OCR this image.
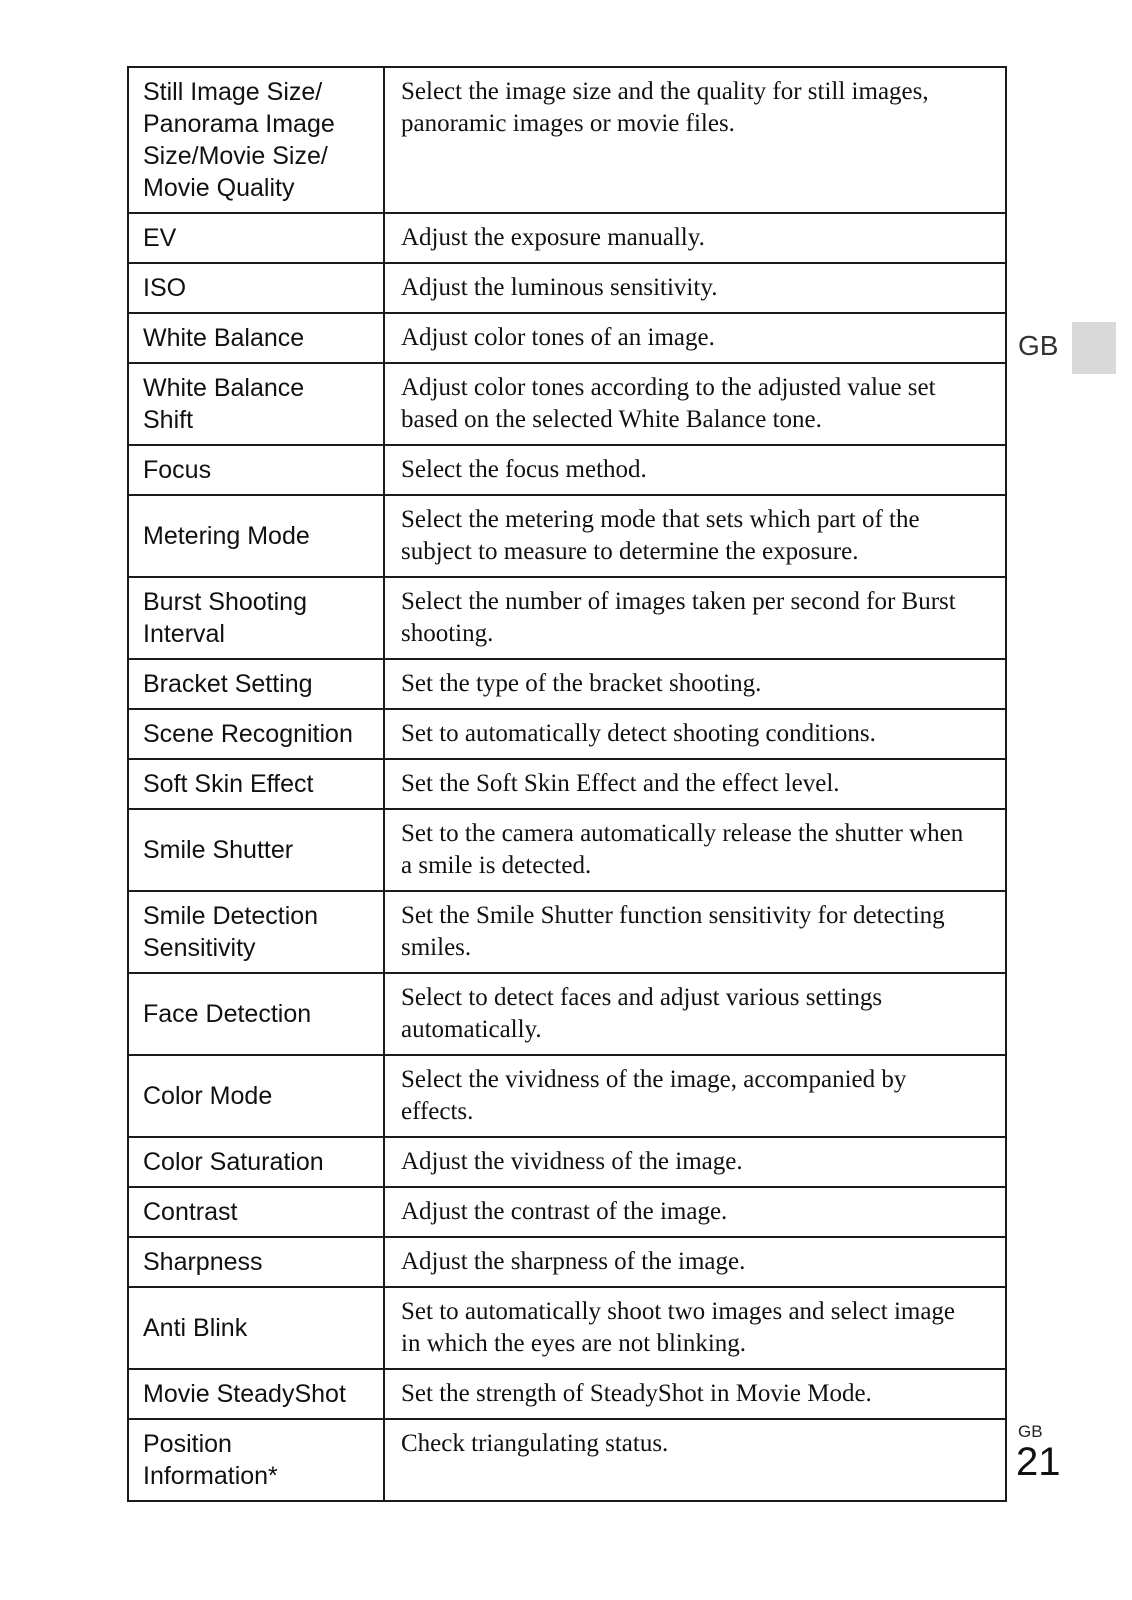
Still Image Size/
Panorama Image
Size/Movie Size/
Movie Quality	Select the image size and the quality for still images,
panoramic images or movie files.
EV	Adjust the exposure manually.
ISO	Adjust the luminous sensitivity.
White Balance	Adjust color tones of an image.
White Balance
Shift	Adjust color tones according to the adjusted value set
based on the selected White Balance tone.
Focus	Select the focus method.
Metering Mode	Select the metering mode that sets which part of the
subject to measure to determine the exposure.
Burst Shooting
Interval	Select the number of images taken per second for Burst
shooting.
Bracket Setting	Set the type of the bracket shooting.
Scene Recognition	Set to automatically detect shooting conditions.
Soft Skin Effect	Set the Soft Skin Effect and the effect level.
Smile Shutter	Set to the camera automatically release the shutter when
a smile is detected.
Smile Detection
Sensitivity	Set the Smile Shutter function sensitivity for detecting
smiles.
Face Detection	Select to detect faces and adjust various settings
automatically.
Color Mode	Select the vividness of the image, accompanied by
effects.
Color Saturation	Adjust the vividness of the image.
Contrast	Adjust the contrast of the image.
Sharpness	Adjust the sharpness of the image.
Anti Blink	Set to automatically shoot two images and select image
in which the eyes are not blinking.
Movie SteadyShot	Set the strength of SteadyShot in Movie Mode.
Position
Information*	Check triangulating status.
GB
GB
21
